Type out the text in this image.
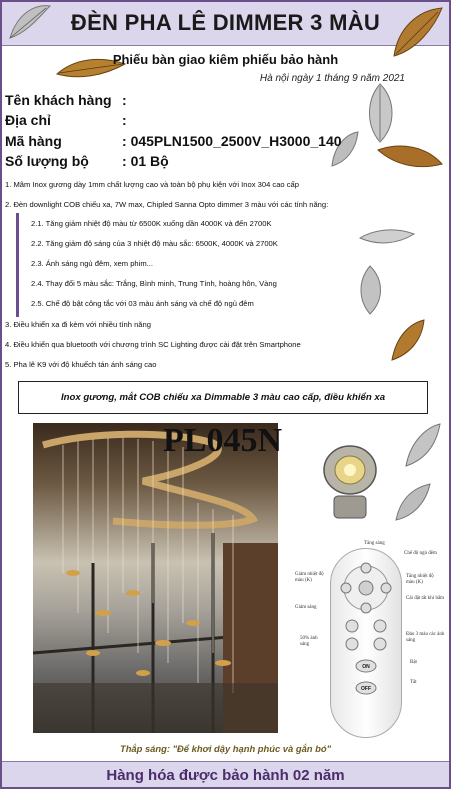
ĐÈN PHA LÊ DIMMER 3 MÀU
Phiếu bàn giao kiêm phiếu bảo hành
Hà nội ngày 1 tháng 9 năm 2021
Tên khách hàng :
Địa chỉ	:
Mã hàng	: 045PLN1500_2500V_H3000_140
Số lượng bộ : 01 Bộ
1. Mâm Inox gương dày 1mm chất lượng cao và toàn bộ phụ kiện với Inox 304 cao cấp
2. Đèn downlight COB chiếu xa, 7W max, Chipled Sanna Opto dimmer 3 màu với các tính năng:
2.1. Tăng giảm nhiệt độ màu từ 6500K xuống dần 4000K và đến 2700K
2.2. Tăng giảm độ sáng của 3 nhiệt độ màu sắc: 6500K, 4000K và 2700K
2.3. Ánh sáng ngủ đêm, xem phim...
2.4. Thay đổi 5 màu sắc: Trắng, Bình minh, Trung Tính, hoàng hôn, Vàng
2.5. Chế độ bật công tắc với 03 màu ánh sáng và chế độ ngủ đêm
3. Điều khiển xa đi kèm với nhiều tính năng
4. Điều khiển qua bluetooth với chương trình SC Lighting được cài đặt trên Smartphone
5. Pha lê K9 với độ khuếch tán ánh sáng cao
Inox gương, mắt COB chiếu xa Dimmable 3 màu cao cấp, điều khiển xa
PL045N
ON
OFF
Tăng sáng
Chế độ ngủ đêm
Giảm nhiệt độ màu (K)
Tăng nhiệt độ màu (K)
Giảm sáng
Cài đặt tắt khi bấm
50% ánh sáng
Đảo 3 màu các ánh sáng
Bật
Tắt
Thắp sáng: "Để khơi dậy hạnh phúc và gắn bó"
Hàng hóa được bảo hành 02 năm
